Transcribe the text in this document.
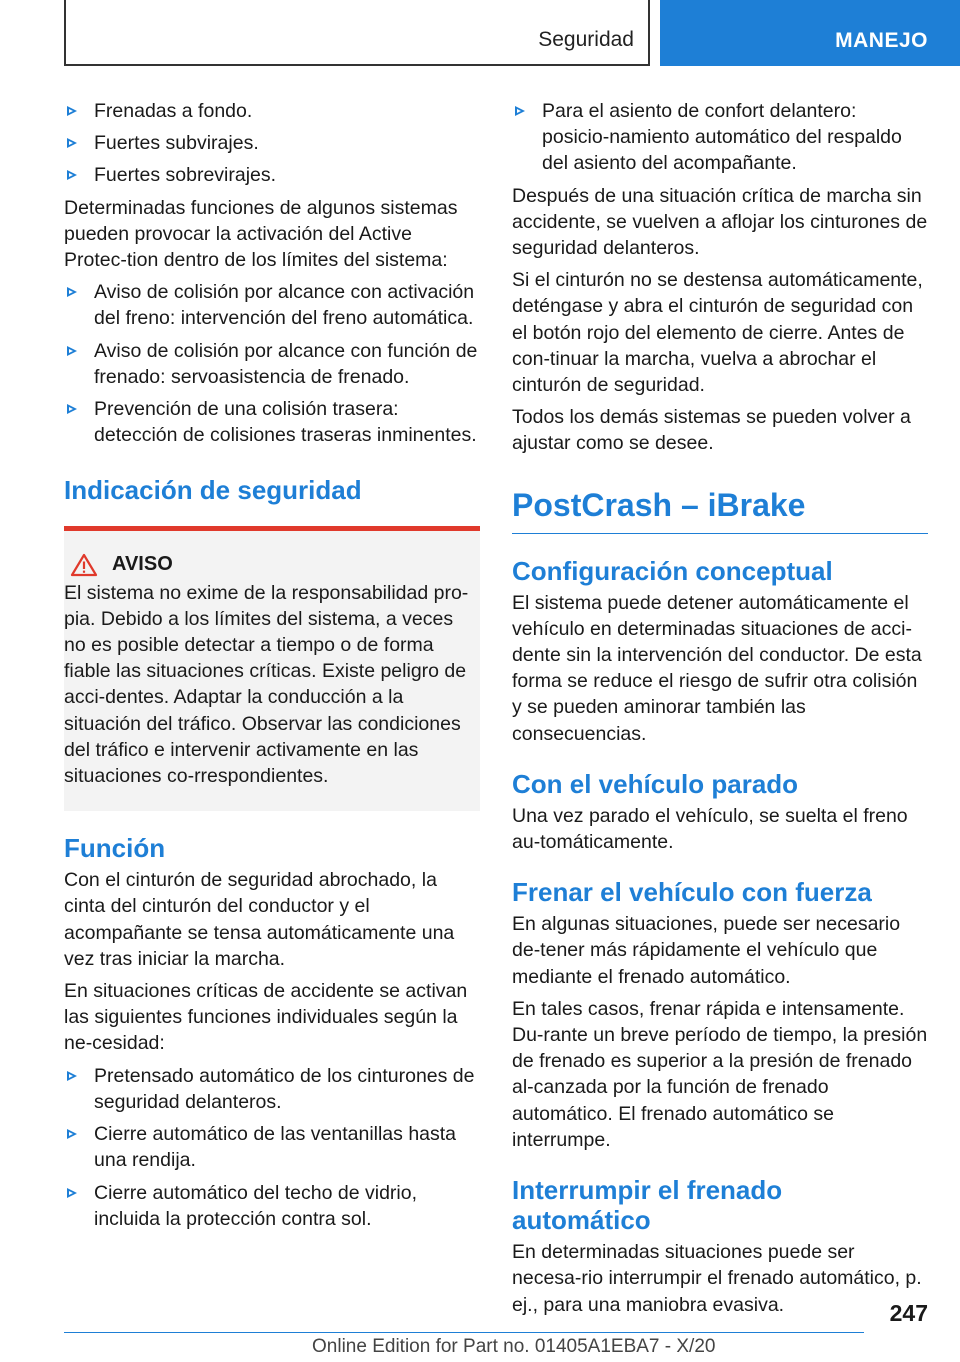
Seguridad	MANEJO
Frenadas a fondo.
Fuertes subvirajes.
Fuertes sobrevirajes.

Determinadas funciones de algunos sistemas pueden provocar la activación del Active Protec-tion dentro de los límites del sistema:

Aviso de colisión por alcance con activación del freno: intervención del freno automática.
Aviso de colisión por alcance con función de frenado: servoasistencia de frenado.
Prevención de una colisión trasera: detección de colisiones traseras inminentes.
Indicación de seguridad
AVISO

El sistema no exime de la responsabilidad pro-pia. Debido a los límites del sistema, a veces no es posible detectar a tiempo o de forma fiable las situaciones críticas. Existe peligro de acci-dentes. Adaptar la conducción a la situación del tráfico. Observar las condiciones del tráfico e intervenir activamente en las situaciones co-rrespondientes.

Función

Con el cinturón de seguridad abrochado, la cinta del cinturón del conductor y el acompañante se tensa automáticamente una vez tras iniciar la marcha.

En situaciones críticas de accidente se activan las siguientes funciones individuales según la ne-cesidad:

Pretensado automático de los cinturones de seguridad delanteros.
Cierre automático de las ventanillas hasta una rendija.
Cierre automático del techo de vidrio, incluida la protección contra sol.
Para el asiento de confort delantero: posicio-namiento automático del respaldo del asiento del acompañante.

Después de una situación crítica de marcha sin accidente, se vuelven a aflojar los cinturones de seguridad delanteros.

Si el cinturón no se destensa automáticamente, deténgase y abra el cinturón de seguridad con el botón rojo del elemento de cierre. Antes de con-tinuar la marcha, vuelva a abrochar el cinturón de seguridad.

Todos los demás sistemas se pueden volver a ajustar como se desee.

PostCrash – iBrake
Configuración conceptual

El sistema puede detener automáticamente el vehículo en determinadas situaciones de acci-dente sin la intervención del conductor. De esta forma se reduce el riesgo de sufrir otra colisión y se pueden aminorar también las consecuencias.

Con el vehículo parado

Una vez parado el vehículo, se suelta el freno au-tomáticamente.

Frenar el vehículo con fuerza

En algunas situaciones, puede ser necesario de-tener más rápidamente el vehículo que mediante el frenado automático.

En tales casos, frenar rápida e intensamente. Du-rante un breve período de tiempo, la presión de frenado es superior a la presión de frenado al-canzada por la función de frenado automático. El frenado automático se interrumpe.

Interrumpir el frenado automático

En determinadas situaciones puede ser necesa-rio interrumpir el frenado automático, p. ej., para una maniobra evasiva.	247
Online Edition for Part no. 01405A1EBA7 - X/20
